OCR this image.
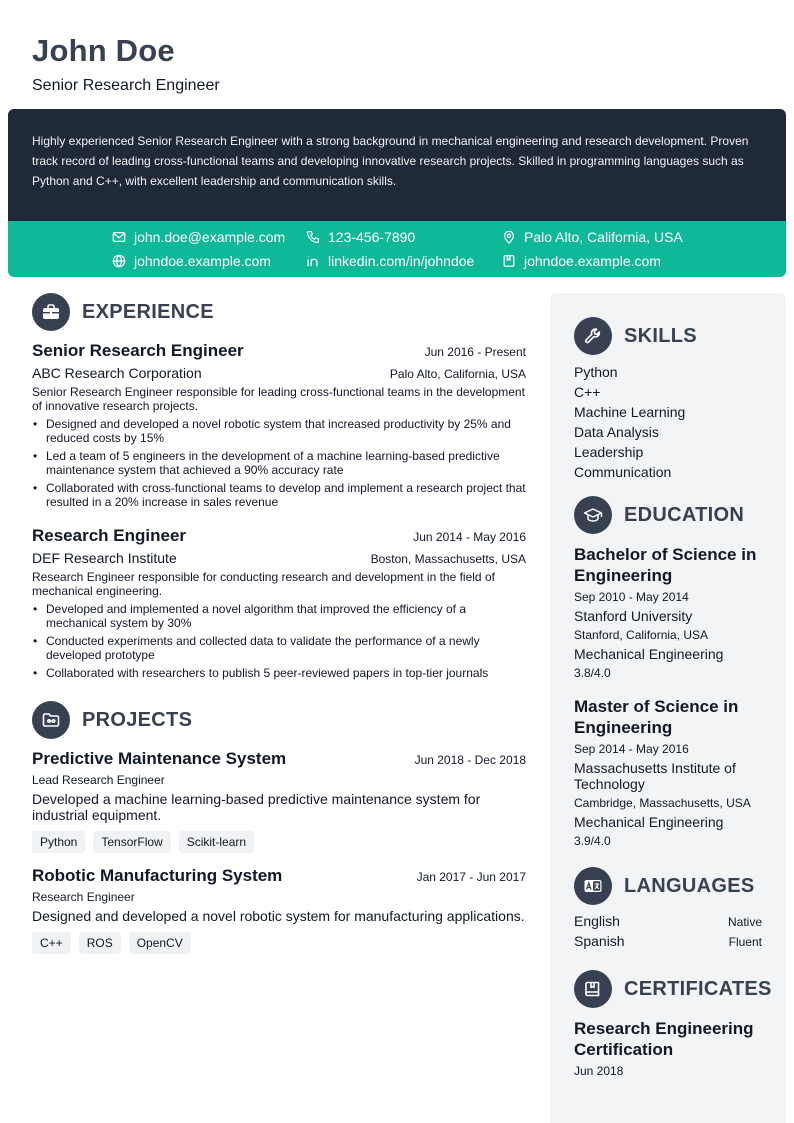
John Doe
Senior Research Engineer
Highly experienced Senior Research Engineer with a strong background in mechanical engineering and research development. Proven track record of leading cross-functional teams and developing innovative research projects. Skilled in programming languages such as Python and C++, with excellent leadership and communication skills.
john.doe@example.com	123-456-7890	Palo Alto, California, USA
johndoe.example.com	linkedin.com/in/johndoe	johndoe.example.com
EXPERIENCE
Senior Research Engineer	Jun 2016 - Present
ABC Research Corporation	Palo Alto, California, USA
Senior Research Engineer responsible for leading cross-functional teams in the development of innovative research projects.
• Designed and developed a novel robotic system that increased productivity by 25% and reduced costs by 15%
• Led a team of 5 engineers in the development of a machine learning-based predictive maintenance system that achieved a 90% accuracy rate
• Collaborated with cross-functional teams to develop and implement a research project that resulted in a 20% increase in sales revenue
Research Engineer	Jun 2014 - May 2016
DEF Research Institute	Boston, Massachusetts, USA
Research Engineer responsible for conducting research and development in the field of mechanical engineering.
• Developed and implemented a novel algorithm that improved the efficiency of a mechanical system by 30%
• Conducted experiments and collected data to validate the performance of a newly developed prototype
• Collaborated with researchers to publish 5 peer-reviewed papers in top-tier journals
PROJECTS
Predictive Maintenance System	Jun 2018 - Dec 2018
Lead Research Engineer
Developed a machine learning-based predictive maintenance system for industrial equipment.
Python	TensorFlow	Scikit-learn
Robotic Manufacturing System	Jan 2017 - Jun 2017
Research Engineer
Designed and developed a novel robotic system for manufacturing applications.
C++	ROS	OpenCV
SKILLS
Python
C++
Machine Learning
Data Analysis
Leadership
Communication
EDUCATION
Bachelor of Science in Engineering
Sep 2010 - May 2014
Stanford University
Stanford, California, USA
Mechanical Engineering
3.8/4.0
Master of Science in Engineering
Sep 2014 - May 2016
Massachusetts Institute of Technology
Cambridge, Massachusetts, USA
Mechanical Engineering
3.9/4.0
LANGUAGES
English	Native
Spanish	Fluent
CERTIFICATES
Research Engineering Certification
Jun 2018
